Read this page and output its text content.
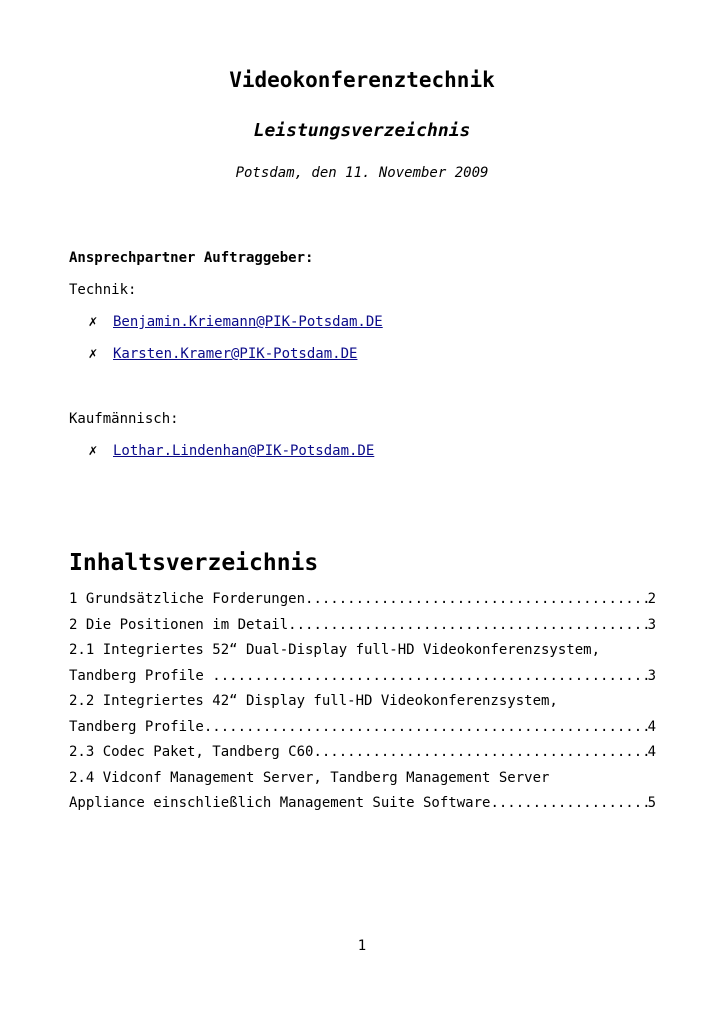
Videokonferenztechnik
Leistungsverzeichnis
Potsdam, den 11. November 2009

Ansprechpartner Auftraggeber:

Technik:

✗ Benjamin.Kriemann@PIK-Potsdam.DE
✗ Karsten.Kramer@PIK-Potsdam.DE

Kaufmännisch:

✗ Lothar.Lindenhan@PIK-Potsdam.DE
Inhaltsverzeichnis
1 Grundsätzliche Forderungen .....	2
2 Die Positionen im Detail .....	3
2.1 Integriertes 52“ Dual-Display full-HD Videokonferenzsystem,
Tandberg Profile .....	3
2.2 Integriertes 42“ Display full-HD Videokonferenzsystem,
Tandberg Profile .....	4
2.3 Codec Paket, Tandberg C60 .....	4
2.4 Vidconf Management Server, Tandberg Management Server
Appliance einschließlich Management Suite Software .....	5
1
